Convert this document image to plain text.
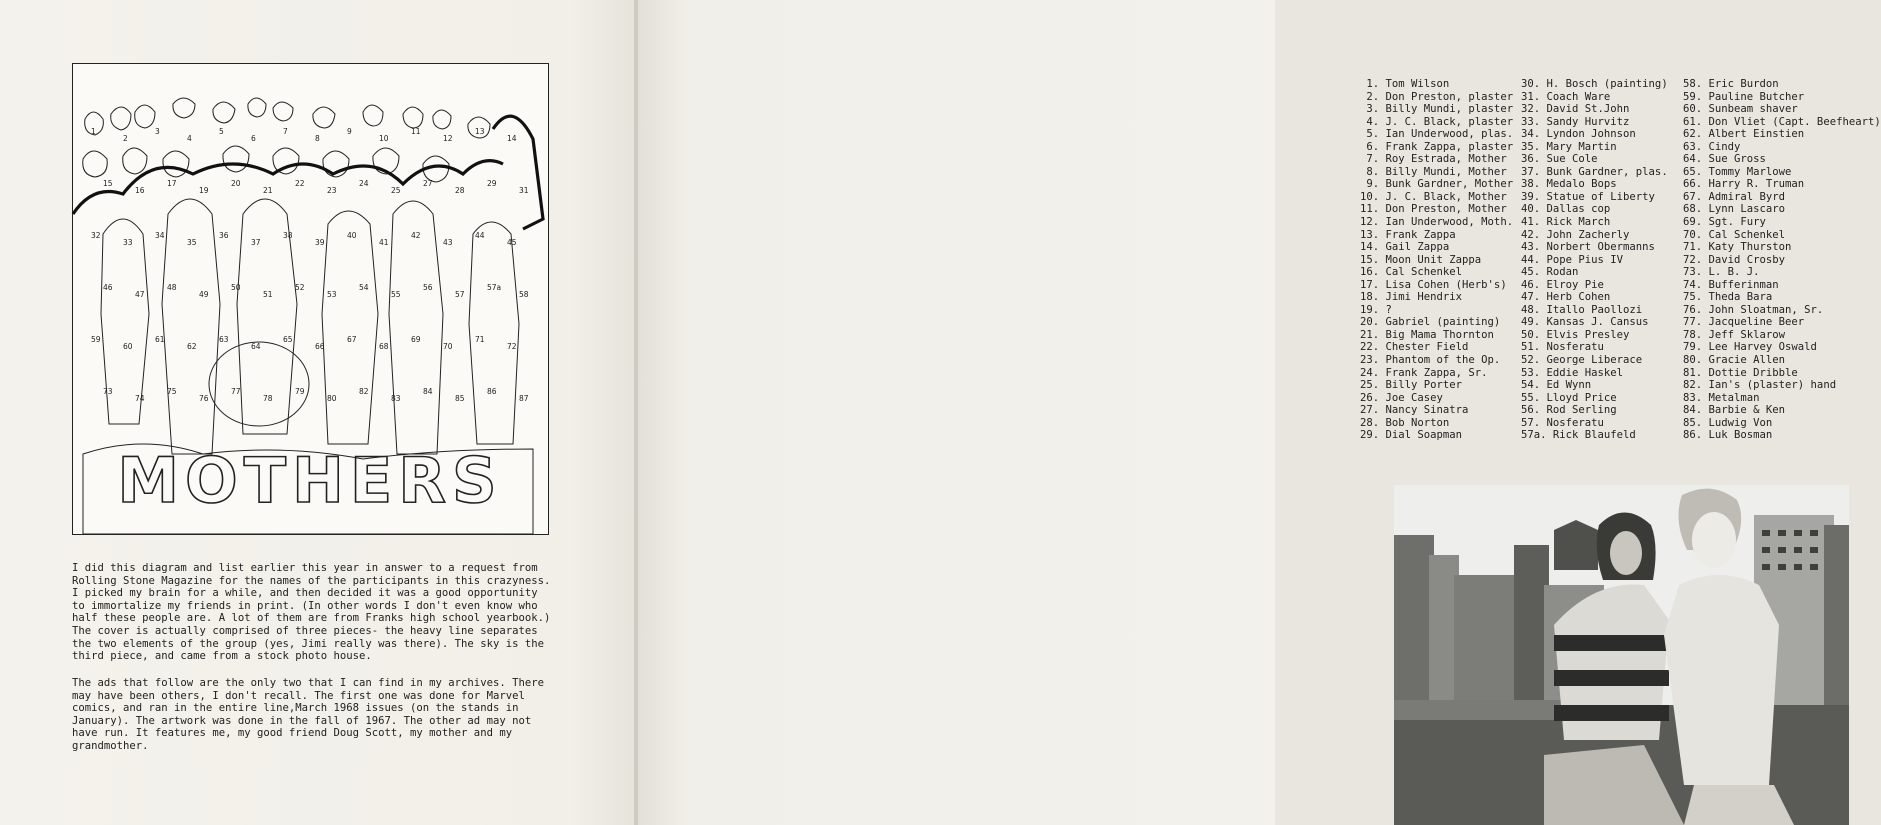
MOTHERS
1
2
3
4
5
6
7
8
9
10
11
12
13
14
15
16
17
19
20
21
22
23
24
25
27
28
29
31
32
33
34
35
36
37
38
39
40
41
42
43
44
45
46
47
48
49
50
51
52
53
54
55
56
57
57a
58
59
60
61
62
63
64
65
66
67
68
69
70
71
72
73
74
75
76
77
78
79
80
82
83
84
85
86
87
I did this diagram and list earlier this year in answer to a request from
Rolling Stone Magazine for the names of the participants in this crazyness.
I picked my brain for a while, and then decided it was a good opportunity
to immortalize my friends in print. (In other words I don't even know who
half these people are. A lot of them are from Franks high school yearbook.)
The cover is actually comprised of three pieces- the heavy line separates
the two elements of the group (yes, Jimi really was there). The sky is the
third piece, and came from a stock photo house.
The ads that follow are the only two that I can find in my archives. There
may have been others, I don't recall. The first one was done for Marvel
comics, and ran in the entire line,March 1968 issues (on the stands in
January). The artwork was done in the fall of 1967. The other ad may not
have run. It features me, my good friend Doug Scott, my mother and my
grandmother.
1. Tom Wilson
2. Don Preston, plaster
3. Billy Mundi, plaster
4. J. C. Black, plaster
5. Ian Underwood, plas.
6. Frank Zappa, plaster
7. Roy Estrada, Mother
8. Billy Mundi, Mother
9. Bunk Gardner, Mother
10. J. C. Black, Mother
11. Don Preston, Mother
12. Ian Underwood, Moth.
13. Frank Zappa
14. Gail Zappa
15. Moon Unit Zappa
16. Cal Schenkel
17. Lisa Cohen (Herb's)
18. Jimi Hendrix
19. ?
20. Gabriel (painting)
21. Big Mama Thornton
22. Chester Field
23. Phantom of the Op.
24. Frank Zappa, Sr.
25. Billy Porter
26. Joe Casey
27. Nancy Sinatra
28. Bob Norton
29. Dial Soapman
30. H. Bosch (painting)
31. Coach Ware
32. David St.John
33. Sandy Hurvitz
34. Lyndon Johnson
35. Mary Martin
36. Sue Cole
37. Bunk Gardner, plas.
38. Medalo Bops
39. Statue of Liberty
40. Dallas cop
41. Rick March
42. John Zacherly
43. Norbert Obermanns
44. Pope Pius IV
45. Rodan
46. Elroy Pie
47. Herb Cohen
48. Itallo Paollozi
49. Kansas J. Cansus
50. Elvis Presley
51. Nosferatu
52. George Liberace
53. Eddie Haskel
54. Ed Wynn
55. Lloyd Price
56. Rod Serling
57. Nosferatu
57a. Rick Blaufeld
58. Eric Burdon
59. Pauline Butcher
60. Sunbeam shaver
61. Don Vliet (Capt. Beefheart)
62. Albert Einstien
63. Cindy
64. Sue Gross
65. Tommy Marlowe
66. Harry R. Truman
67. Admiral Byrd
68. Lynn Lascaro
69. Sgt. Fury
70. Cal Schenkel
71. Katy Thurston
72. David Crosby
73. L. B. J.
74. Bufferinman
75. Theda Bara
76. John Sloatman, Sr.
77. Jacqueline Beer
78. Jeff Sklarow
79. Lee Harvey Oswald
80. Gracie Allen
81. Dottie Dribble
82. Ian's (plaster) hand
83. Metalman
84. Barbie & Ken
85. Ludwig Von
86. Luk Bosman
